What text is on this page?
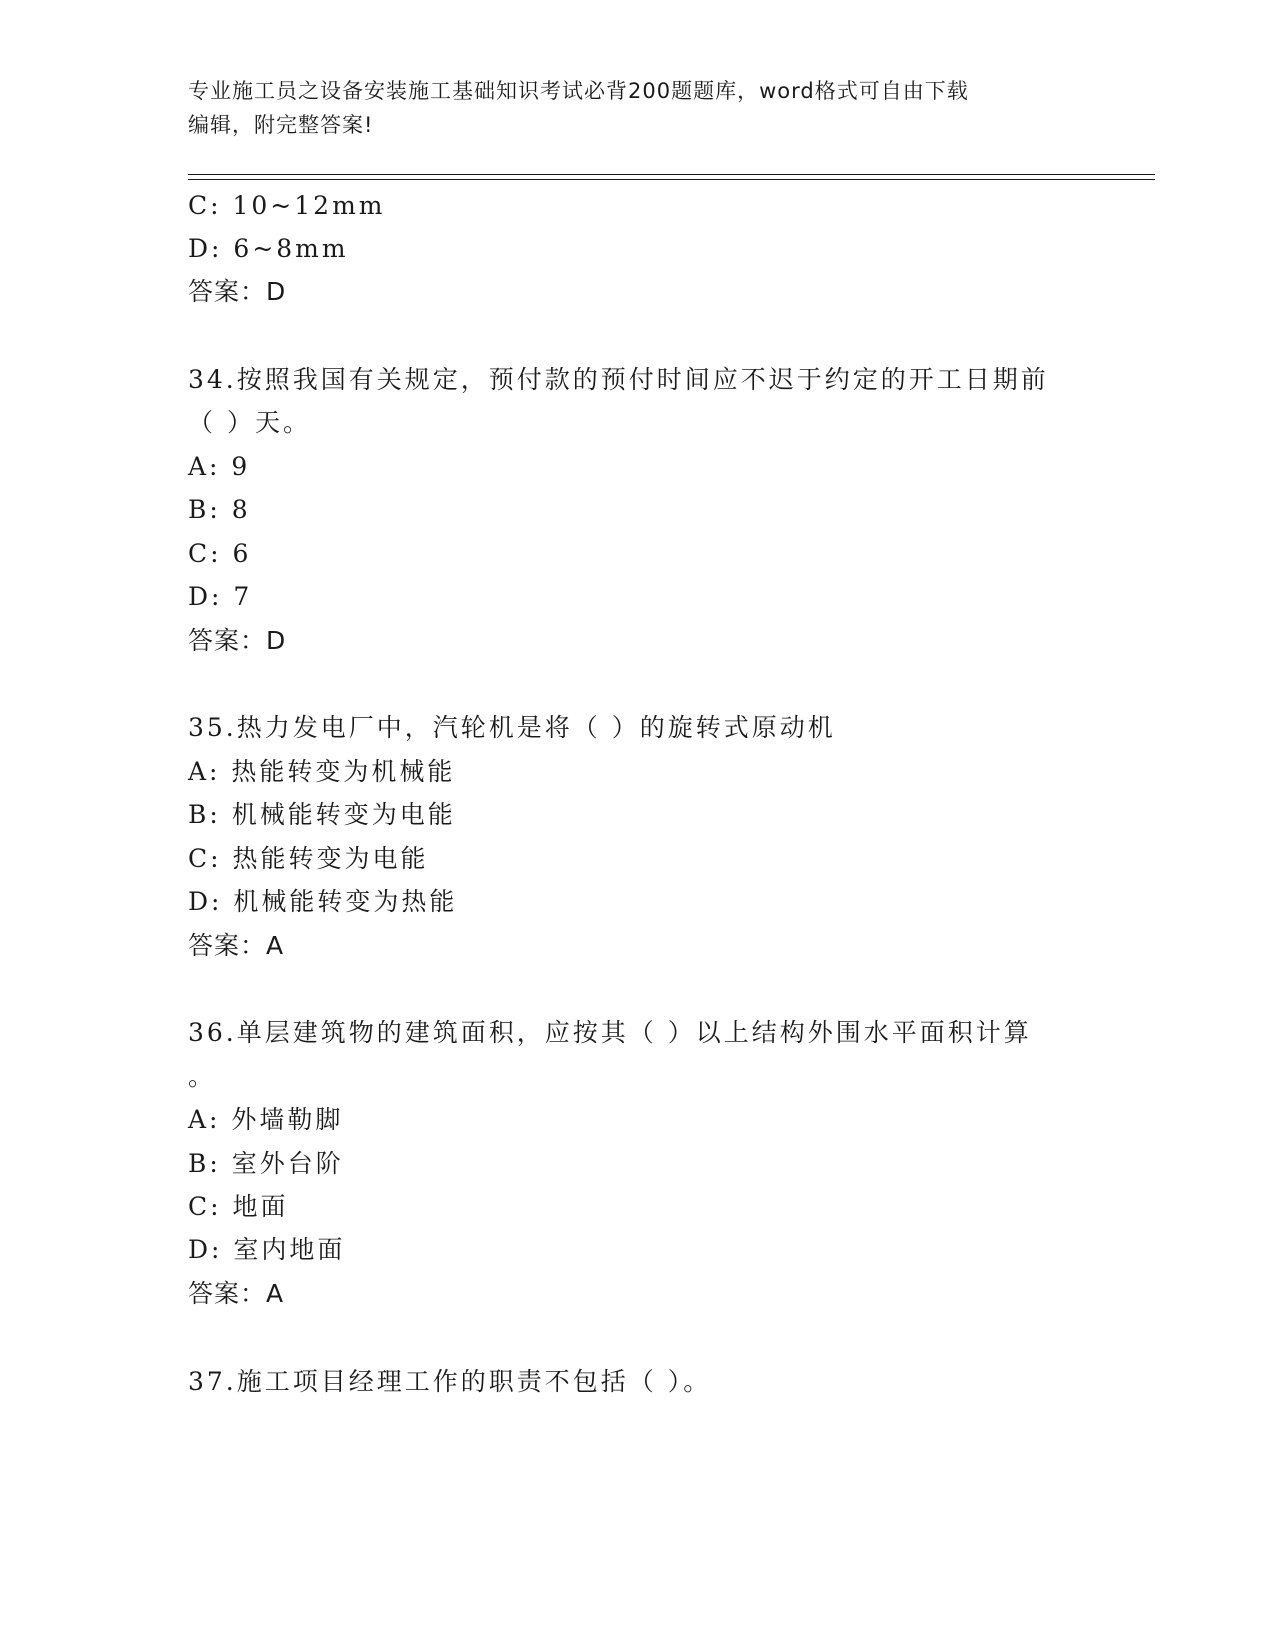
专业施工员之设备安装施工基础知识考试必背200题题库，word格式可自由下载
编辑，附完整答案!
C: 10~12mm
D: 6~8mm
答案：D
34.按照我国有关规定，预付款的预付时间应不迟于约定的开工日期前
（ ）天。
A: 9
B: 8
C: 6
D: 7
答案：D
35.热力发电厂中，汽轮机是将（ ）的旋转式原动机
A: 热能转变为机械能
B: 机械能转变为电能
C: 热能转变为电能
D: 机械能转变为热能
答案：A
36.单层建筑物的建筑面积，应按其（ ）以上结构外围水平面积计算
。
A: 外墙勒脚
B: 室外台阶
C: 地面
D: 室内地面
答案：A
37.施工项目经理工作的职责不包括（ ）。
